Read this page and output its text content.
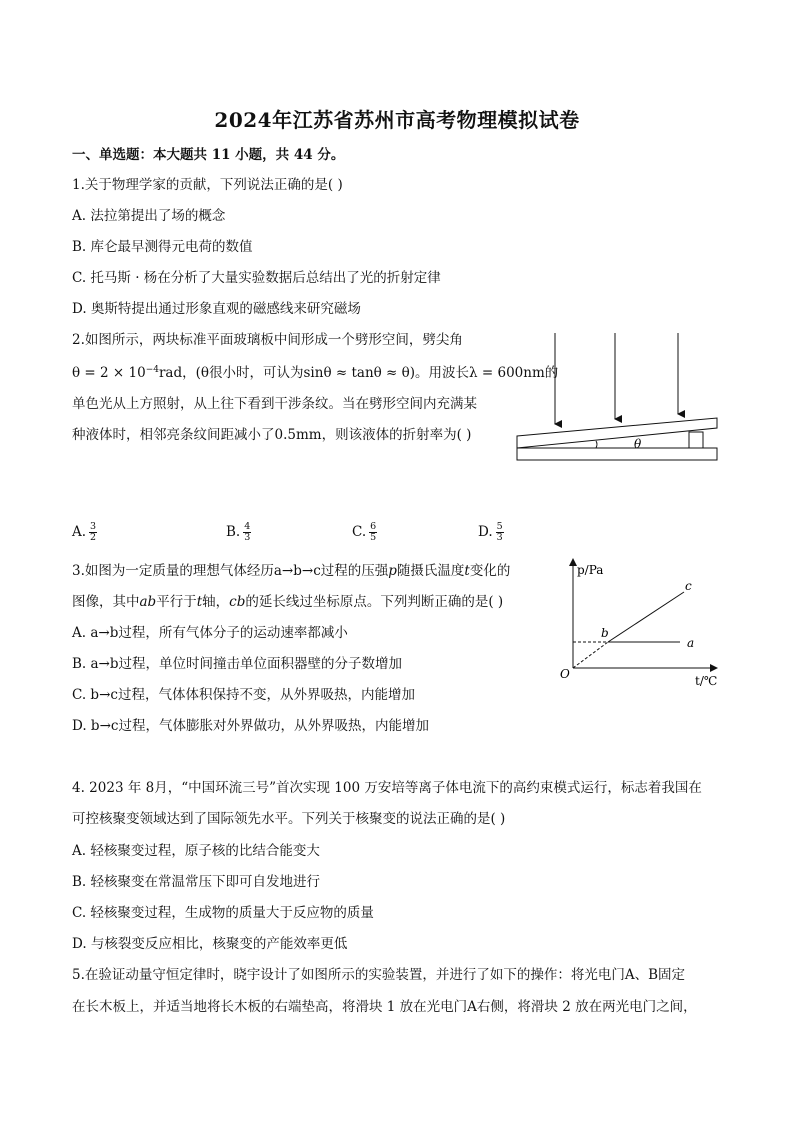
2024年江苏省苏州市高考物理模拟试卷
一、单选题：本大题共 11 小题，共 44 分。
1.关于物理学家的贡献，下列说法正确的是( )
A. 法拉第提出了场的概念
B. 库仑最早测得元电荷的数值
C. 托马斯 · 杨在分析了大量实验数据后总结出了光的折射定律
D. 奥斯特提出通过形象直观的磁感线来研究磁场
2.如图所示，两块标准平面玻璃板中间形成一个劈形空间，劈尖角
$\theta = 2 \times 10^{-4}rad$，(θ很小时，可认为sinθ ≈ tanθ ≈ θ)。用波长λ = 600nm的
单色光从上方照射，从上往下看到干涉条纹。当在劈形空间内充满某
种液体时，相邻亮条纹间距减小了0.5mm，则该液体的折射率为( )
θ
A. $\frac{3}{2}$	B. $\frac{4}{3}$	C. $\frac{6}{5}$	D. $\frac{5}{3}$
3.如图为一定质量的理想气体经历a→b→c过程的压强p随摄氏温度t变化的
图像，其中ab平行于t轴，cb的延长线过坐标原点。下列判断正确的是( )
A. a→b过程，所有气体分子的运动速率都减小
B. a→b过程，单位时间撞击单位面积器壁的分子数增加
C. b→c过程，气体体积保持不变，从外界吸热，内能增加
D. b→c过程，气体膨胀对外界做功，从外界吸热，内能增加
p/Pa
t/℃
O
a
b
c
4. 2023 年 8月，“中国环流三号”首次实现 100 万安培等离子体电流下的高约束模式运行，标志着我国在
可控核聚变领域达到了国际领先水平。下列关于核聚变的说法正确的是( )
A. 轻核聚变过程，原子核的比结合能变大
B. 轻核聚变在常温常压下即可自发地进行
C. 轻核聚变过程，生成物的质量大于反应物的质量
D. 与核裂变反应相比，核聚变的产能效率更低
5.在验证动量守恒定律时，晓宇设计了如图所示的实验装置，并进行了如下的操作：将光电门A、B固定
在长木板上，并适当地将长木板的右端垫高，将滑块 1 放在光电门A右侧，将滑块 2 放在两光电门之间，
